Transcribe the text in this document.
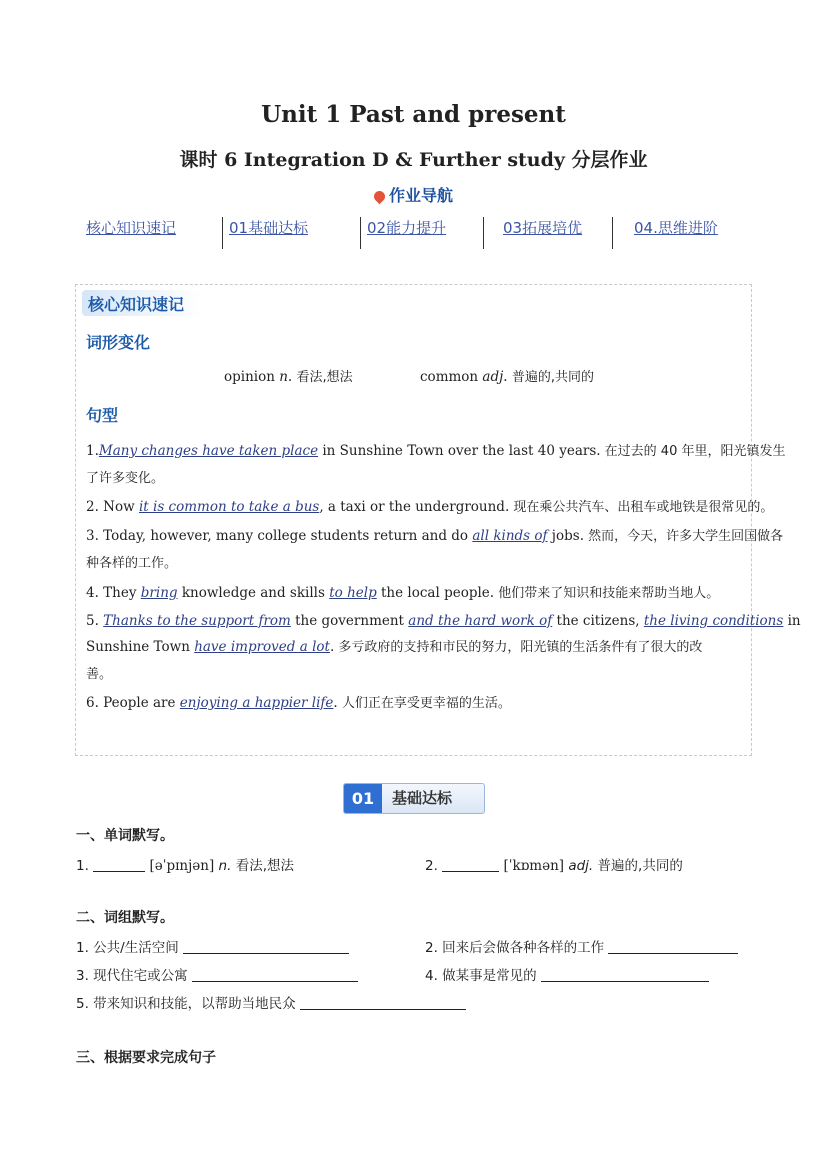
Unit 1 Past and present
课时 6 Integration D & Further study 分层作业
作业导航
核心知识速记	01基础达标	02能力提升	03拓展培优	04.思维进阶
核心知识速记
词形变化
opinion n. 看法,想法	common adj. 普遍的,共同的
句型
1.Many changes have taken place in Sunshine Town over the last 40 years. 在过去的 40 年里，阳光镇发生
了许多变化。
2. Now it is common to take a bus, a taxi or the underground. 现在乘公共汽车、出租车或地铁是很常见的。
3. Today, however, many college students return and do all kinds of jobs. 然而，今天，许多大学生回国做各
种各样的工作。
4. They bring knowledge and skills to help the local people. 他们带来了知识和技能来帮助当地人。
5. Thanks to the support from the government and the hard work of the citizens, the living conditions in
Sunshine Town have improved a lot. 多亏政府的支持和市民的努力，阳光镇的生活条件有了很大的改
善。
6. People are enjoying a happier life. 人们正在享受更幸福的生活。
01	基础达标
一、单词默写。
1.	[əˈpɪnjən] n. 看法,想法	2.	[ˈkɒmən] adj. 普遍的,共同的
二、词组默写。
1. 公共/生活空间	2. 回来后会做各种各样的工作
3. 现代住宅或公寓	4. 做某事是常见的
5. 带来知识和技能，以帮助当地民众
三、根据要求完成句子
